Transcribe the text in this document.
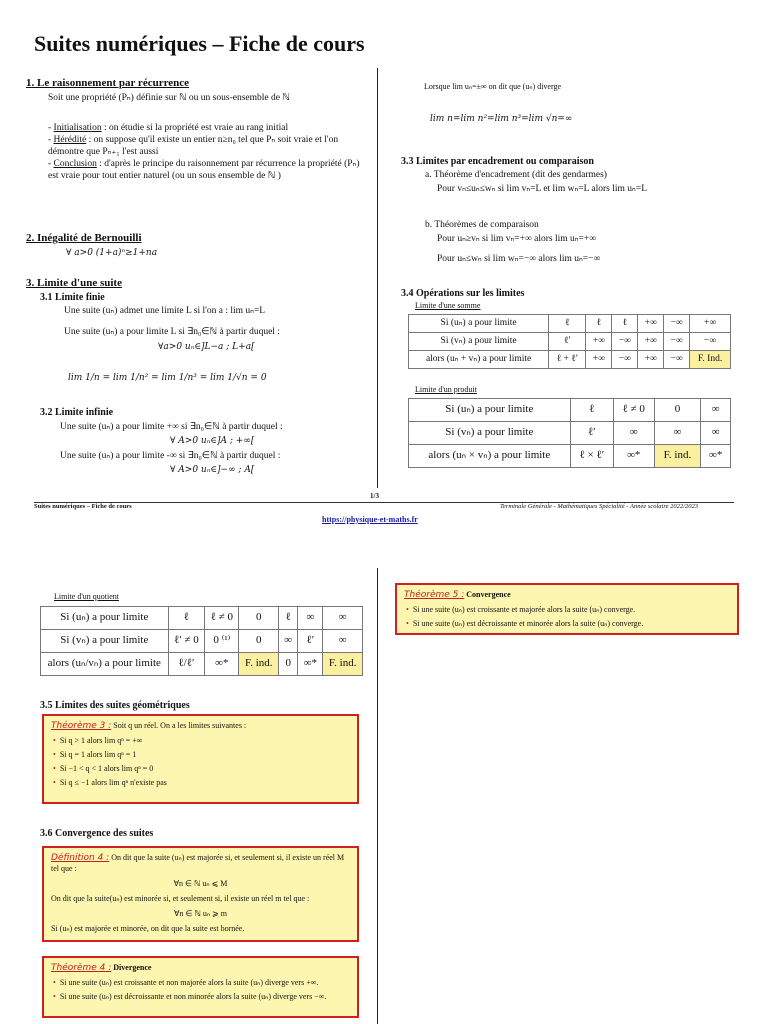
Suites numériques – Fiche de cours
1. Le raisonnement par récurrence
Soit une propriété (Pₙ) définie sur ℕ ou un sous-ensemble de ℕ
- Initialisation : on étudie si la propriété est vraie au rang initial
- Hérédité : on suppose qu'il existe un entier n≥n₀ tel que Pₙ soit vraie et l'on démontre que Pₙ₊₁ l'est aussi
- Conclusion : d'après le principe du raisonnement par récurrence la propriété (Pₙ) est vraie pour tout entier naturel (ou un sous ensemble de ℕ )
2. Inégalité de Bernouilli
∀ a>0 (1+a)ⁿ≥1+na
3. Limite d'une suite
3.1 Limite finie
Une suite (uₙ) admet une limite L si l'on a : lim uₙ=L
Une suite (uₙ) a pour limite L si ∃n₀∈ℕ à partir duquel :
∀a>0 uₙ∈]L−a ; L+a[
lim 1/n = lim 1/n² = lim 1/n³ = lim 1/√n = 0
3.2 Limite infinie
Une suite (uₙ) a pour limite +∞ si ∃n₀∈ℕ à partir duquel :
∀ A>0 uₙ∈]A ; +∞[
Une suite (uₙ) a pour limite -∞ si ∃n₀∈ℕ à partir duquel :
∀ A>0 uₙ∈]−∞ ; A[
Lorsque lim uₙ=±∞ on dit que (uₙ) diverge
lim n=lim n²=lim n³=lim √n=∞
3.3 Limites par encadrement ou comparaison
a. Théorème d'encadrement (dit des gendarmes)
Pour vₙ≤uₙ≤wₙ si lim vₙ=L et lim wₙ=L alors lim uₙ=L
b. Théorèmes de comparaison
Pour uₙ≥vₙ si lim vₙ=+∞ alors lim uₙ=+∞
Pour uₙ≤wₙ si lim wₙ=−∞ alors lim uₙ=−∞
3.4 Opérations sur les limites
Limite d'une somme
Si (uₙ) a pour limite	ℓ	ℓ	ℓ	+∞	−∞	+∞
Si (vₙ) a pour limite	ℓ′	+∞	−∞	+∞	−∞	−∞
alors (uₙ + vₙ) a pour limite	ℓ + ℓ′	+∞	−∞	+∞	−∞	F. Ind.
Limite d'un produit
Si (uₙ) a pour limite	ℓ	ℓ ≠ 0	0	∞
Si (vₙ) a pour limite	ℓ′	∞	∞	∞
alors (uₙ × vₙ) a pour limite	ℓ × ℓ′	∞*	F. ind.	∞*
1/3
Suites numériques – Fiche de cours	Terminale Générale - Mathématiques Spécialité - Année scolaire 2022/2023
https://physique-et-maths.fr
Limite d'un quotient
Si (uₙ) a pour limite	ℓ	ℓ ≠ 0	0	ℓ	∞	∞
Si (vₙ) a pour limite	ℓ′ ≠ 0	0 ⁽¹⁾	0	∞	ℓ′	∞
alors (uₙ/vₙ) a pour limite	ℓ/ℓ′	∞*	F. ind.	0	∞*	F. ind.
3.5 Limites des suites géométriques
Théorème 3 : Soit q un réel. On a les limites suivantes :
• Si q > 1 alors lim qⁿ = +∞
• Si q = 1 alors lim qⁿ = 1
• Si −1 < q < 1 alors lim qⁿ = 0
• Si q ≤ −1 alors lim qⁿ n'existe pas
3.6 Convergence des suites
Définition 4 : On dit que la suite (uₙ) est majorée si, et seulement si, il existe un réel M tel que :
∀n ∈ ℕ uₙ ⩽ M
On dit que la suite(uₙ) est minorée si, et seulement si, il existe un réel m tel que :
∀n ∈ ℕ uₙ ⩾ m
Si (uₙ) est majorée et minorée, on dit que la suite est bornée.
Théorème 4 : Divergence
• Si une suite (uₙ) est croissante et non majorée alors la suite (uₙ) diverge vers +∞.
• Si une suite (uₙ) est décroissante et non minorée alors la suite (uₙ) diverge vers −∞.
Théorème 5 : Convergence
• Si une suite (uₙ) est croissante et majorée alors la suite (uₙ) converge.
• Si une suite (uₙ) est décroissante et minorée alors la suite (uₙ) converge.
